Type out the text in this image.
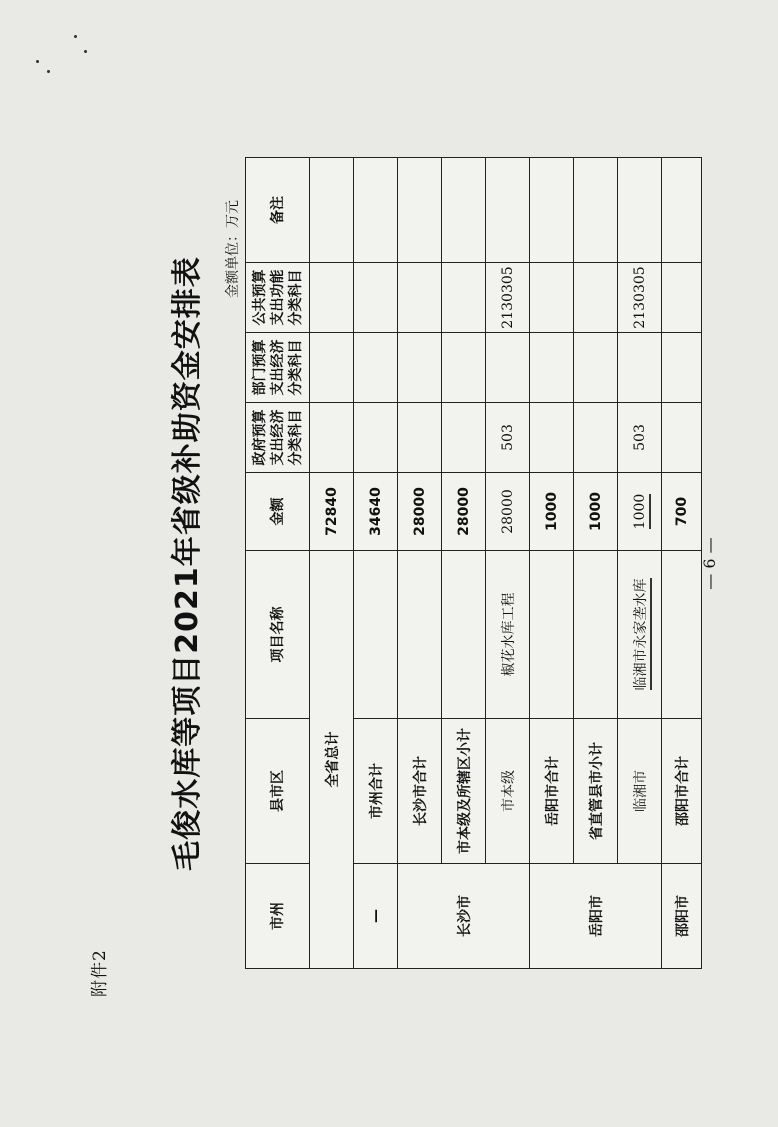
附件2
毛俊水库等项目2021年省级补助资金安排表
金额单位：万元
市州	县市区	项目名称	金额	政府预算 支出经济 分类科目	部门预算 支出经济 分类科目	公共预算 支出功能 分类科目	备注
全省总计			72840				
—	市州合计		34640				
长沙市	长沙市合计		28000				
	市本级及所辖区小计		28000				
	市本级	椒花水库工程	28000	503		2130305	
岳阳市	岳阳市合计		1000				
	省直管县市小计		1000				
	临湘市	临湘市永家垄水库	1000	503		2130305	
邵阳市	邵阳市合计		700				
— 6 —
